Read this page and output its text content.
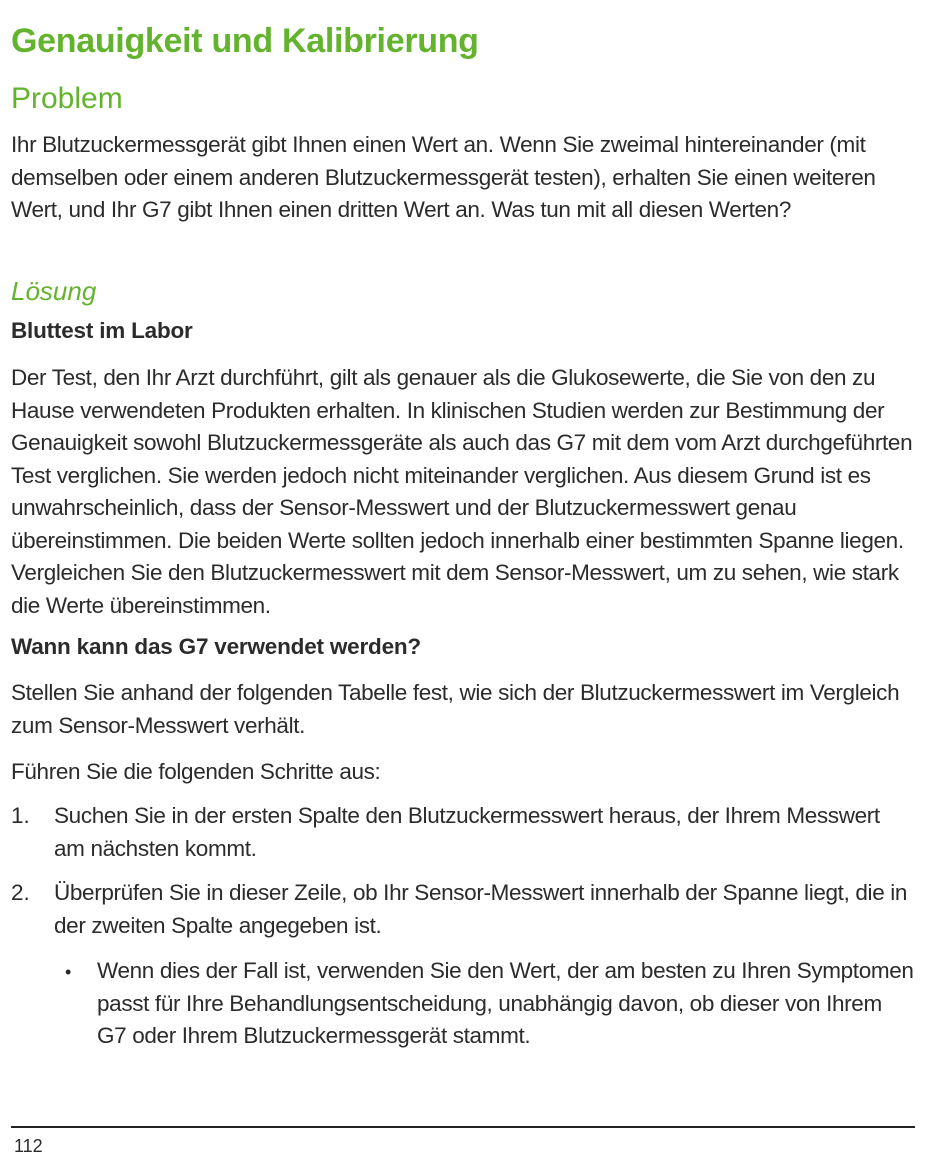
Genauigkeit und Kalibrierung
Problem

Ihr Blutzuckermessgerät gibt Ihnen einen Wert an. Wenn Sie zweimal hintereinander (mit demselben oder einem anderen Blutzuckermessgerät testen), erhalten Sie einen weiteren Wert, und Ihr G7 gibt Ihnen einen dritten Wert an. Was tun mit all diesen Werten?

Lösung

Bluttest im Labor

Der Test, den Ihr Arzt durchführt, gilt als genauer als die Glukosewerte, die Sie von den zu Hause verwendeten Produkten erhalten. In klinischen Studien werden zur Bestimmung der Genauigkeit sowohl Blutzuckermessgeräte als auch das G7 mit dem vom Arzt durchgeführten Test verglichen. Sie werden jedoch nicht miteinander verglichen. Aus diesem Grund ist es unwahrscheinlich, dass der Sensor-Messwert und der Blutzuckermesswert genau übereinstimmen. Die beiden Werte sollten jedoch innerhalb einer bestimmten Spanne liegen. Vergleichen Sie den Blutzuckermesswert mit dem Sensor-Messwert, um zu sehen, wie stark die Werte übereinstimmen.

Wann kann das G7 verwendet werden?

Stellen Sie anhand der folgenden Tabelle fest, wie sich der Blutzuckermesswert im Vergleich zum Sensor-Messwert verhält.

Führen Sie die folgenden Schritte aus:

1. Suchen Sie in der ersten Spalte den Blutzuckermesswert heraus, der Ihrem Messwert am nächsten kommt.
2. Überprüfen Sie in dieser Zeile, ob Ihr Sensor-Messwert innerhalb der Spanne liegt, die in der zweiten Spalte angegeben ist.
• Wenn dies der Fall ist, verwenden Sie den Wert, der am besten zu Ihren Symptomen passt für Ihre Behandlungsentscheidung, unabhängig davon, ob dieser von Ihrem G7 oder Ihrem Blutzuckermessgerät stammt.
112
